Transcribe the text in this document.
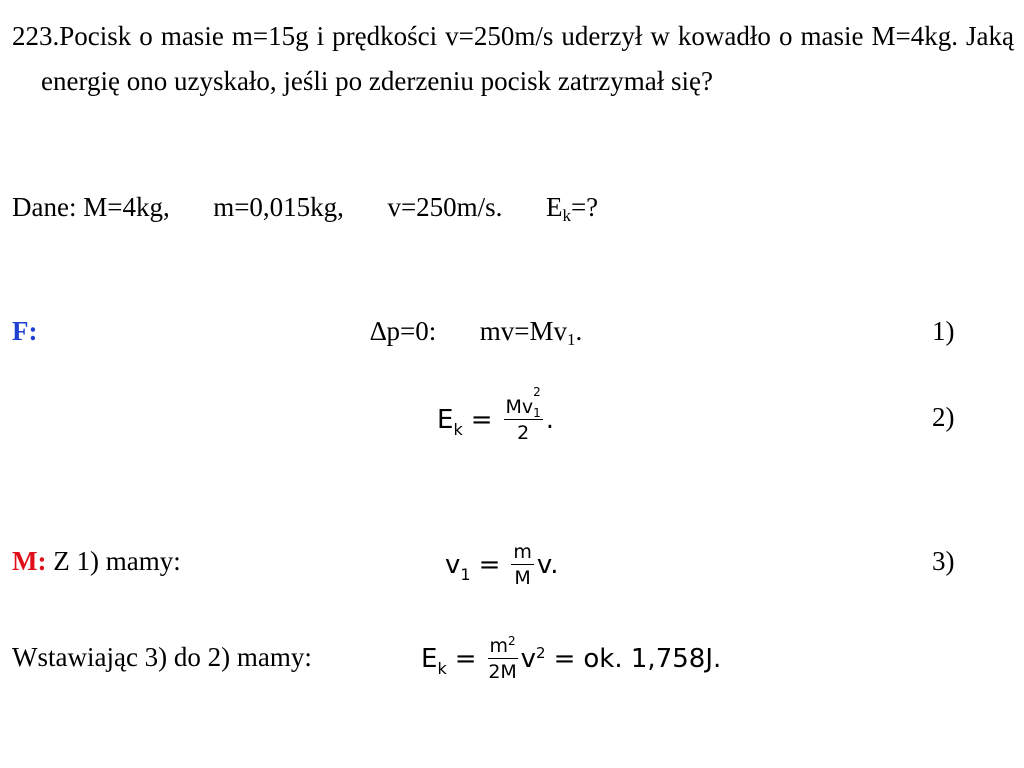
223.Pocisk o masie m=15g i prędkości v=250m/s uderzył w kowadło o masie M=4kg. Jaką energię ono uzyskało, jeśli po zderzeniu pocisk zatrzymał się?
Dane: M=4kg, m=0,015kg, v=250m/s. $E_k=$?
F:	∆p=0: $mv=Mv_1$.	1)
$E_k = Mv$
2
$_1$
2 .	2)
M: Z 1) mamy:	$v_1 = \frac{m}{M} v$.	3)
Wstawiając 3) do 2) mamy:	$E_k = \frac{m^2}{2M} v^2$ = ok. 1,758J.
